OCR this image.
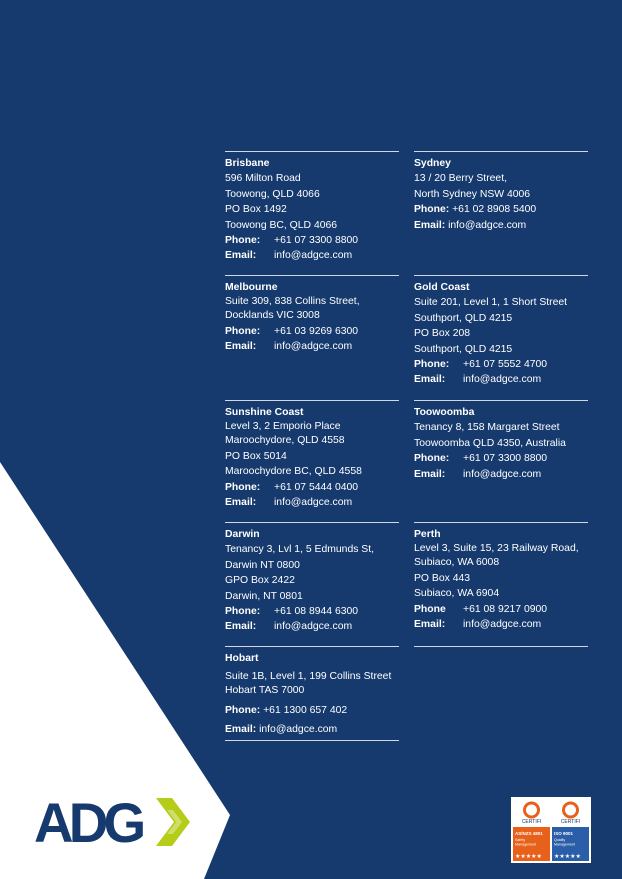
Brisbane
596 Milton Road
Toowong, QLD 4066
PO Box 1492
Toowong BC, QLD 4066
Phone: +61 07 3300 8800
Email: info@adgce.com
Sydney
13 / 20 Berry Street,
North Sydney NSW 4006
Phone: +61 02 8908 5400
Email: info@adgce.com
Melbourne
Suite 309, 838 Collins Street,
Docklands VIC 3008
Phone: +61 03 9269 6300
Email: info@adgce.com
Gold Coast
Suite 201, Level 1, 1 Short Street
Southport, QLD 4215
PO Box 208
Southport, QLD 4215
Phone: +61 07 5552 4700
Email: info@adgce.com
Sunshine Coast
Level 3, 2 Emporio Place
Maroochydore, QLD 4558
PO Box 5014
Maroochydore BC, QLD 4558
Phone: +61 07 5444 0400
Email: info@adgce.com
Toowoomba
Tenancy 8, 158 Margaret Street
Toowoomba QLD 4350, Australia
Phone: +61 07 3300 8800
Email: info@adgce.com
Darwin
Tenancy 3, Lvl 1, 5 Edmunds St,
Darwin NT 0800
GPO Box 2422
Darwin, NT 0801
Phone: +61 08 8944 6300
Email: info@adgce.com
Perth
Level 3, Suite 15, 23 Railway Road,
Subiaco, WA 6008
PO Box 443
Subiaco, WA 6904
Phone +61 08 9217 0900
Email: info@adgce.com
Hobart
Suite 1B, Level 1, 199 Collins Street
Hobart TAS 7000
Phone: +61 1300 657 402
Email: info@adgce.com
ADG	CERTIFI
AS/NZS 4801
Safety
Management
★★★★★
CERTIFI
ISO 9001
Quality
Management
★★★★★
